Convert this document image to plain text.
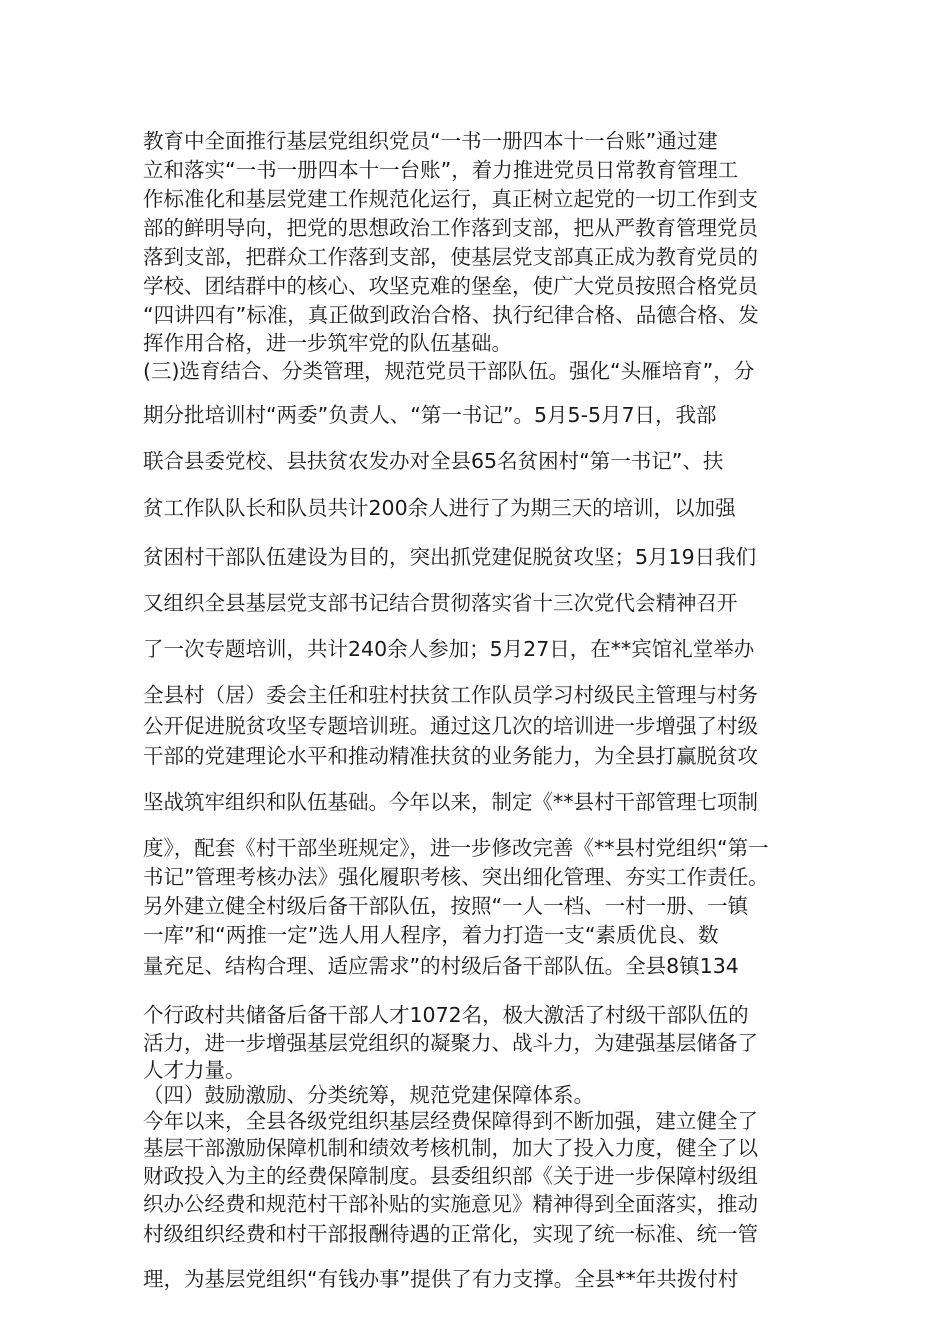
教育中全面推行基层党组织党员“一书一册四本十一台账”通过建

立和落实“一书一册四本十一台账”，着力推进党员日常教育管理工

作标准化和基层党建工作规范化运行，真正树立起党的一切工作到支

部的鲜明导向，把党的思想政治工作落到支部，把从严教育管理党员

落到支部，把群众工作落到支部，使基层党支部真正成为教育党员的

学校、团结群中的核心、攻坚克难的堡垒，使广大党员按照合格党员

“四讲四有”标准，真正做到政治合格、执行纪律合格、品德合格、发

挥作用合格，进一步筑牢党的队伍基础。

(三)选育结合、分类管理，规范党员干部队伍。强化“头雁培育”，分

期分批培训村“两委”负责人、“第一书记”。5月5-5月7日，我部

联合县委党校、县扶贫农发办对全县65名贫困村“第一书记”、扶

贫工作队队长和队员共计200余人进行了为期三天的培训，以加强

贫困村干部队伍建设为目的，突出抓党建促脱贫攻坚；5月19日我们

又组织全县基层党支部书记结合贯彻落实省十三次党代会精神召开

了一次专题培训，共计240余人参加；5月27日，在**宾馆礼堂举办

全县村（居）委会主任和驻村扶贫工作队员学习村级民主管理与村务

公开促进脱贫攻坚专题培训班。通过这几次的培训进一步增强了村级

干部的党建理论水平和推动精准扶贫的业务能力，为全县打赢脱贫攻

坚战筑牢组织和队伍基础。今年以来，制定《**县村干部管理七项制

度》，配套《村干部坐班规定》，进一步修改完善《**县村党组织“第一

书记”管理考核办法》强化履职考核、突出细化管理、夯实工作责任。

另外建立健全村级后备干部队伍，按照“一人一档、一村一册、一镇

一库”和“两推一定”选人用人程序，着力打造一支“素质优良、数

量充足、结构合理、适应需求”的村级后备干部队伍。全县8镇134

个行政村共储备后备干部人才1072名，极大激活了村级干部队伍的

活力，进一步增强基层党组织的凝聚力、战斗力，为建强基层储备了

人才力量。

（四）鼓励激励、分类统筹，规范党建保障体系。

今年以来，全县各级党组织基层经费保障得到不断加强，建立健全了

基层干部激励保障机制和绩效考核机制，加大了投入力度，健全了以

财政投入为主的经费保障制度。县委组织部《关于进一步保障村级组

织办公经费和规范村干部补贴的实施意见》精神得到全面落实，推动

村级组织经费和村干部报酬待遇的正常化，实现了统一标准、统一管

理，为基层党组织“有钱办事”提供了有力支撑。全县**年共拨付村
